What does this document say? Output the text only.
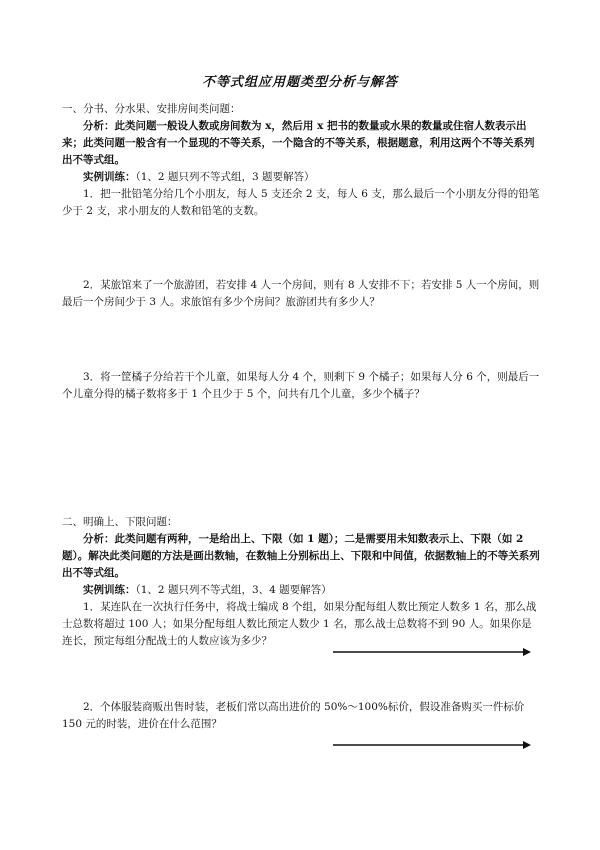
不等式组应用题类型分析与解答
一、分书、分水果、安排房间类问题：
分析：此类问题一般设人数或房间数为 x，然后用 x 把书的数量或水果的数量或住宿人数表示出来；此类问题一般含有一个显现的不等关系，一个隐含的不等关系，根据题意，利用这两个不等关系列出不等式组。
实例训练：（1、2 题只列不等式组，3 题要解答）
1．把一批铅笔分给几个小朋友，每人 5 支还余 2 支，每人 6 支，那么最后一个小朋友分得的铅笔少于 2 支，求小朋友的人数和铅笔的支数。
2．某旅馆来了一个旅游团，若安排 4 人一个房间，则有 8 人安排不下；若安排 5 人一个房间，则最后一个房间少于 3 人。求旅馆有多少个房间？旅游团共有多少人？
3．将一筐橘子分给若干个儿童，如果每人分 4 个，则剩下 9 个橘子；如果每人分 6 个，则最后一个儿童分得的橘子数将多于 1 个且少于 5 个，问共有几个儿童，多少个橘子？
二、明确上、下限问题：
分析：此类问题有两种，一是给出上、下限（如 1 题）；二是需要用未知数表示上、下限（如 2 题）。解决此类问题的方法是画出数轴，在数轴上分别标出上、下限和中间值，依据数轴上的不等关系列出不等式组。
实例训练：（1、2 题只列不等式组，3、4 题要解答）
1．某连队在一次执行任务中，将战士编成 8 个组，如果分配每组人数比预定人数多 1 名，那么战士总数将超过 100 人；如果分配每组人数比预定人数少 1 名，那么战士总数将不到 90 人。如果你是连长，预定每组分配战士的人数应该为多少？
2．个体服装商贩出售时装，老板们常以高出进价的 50%～100%标价，假设准备购买一件标价 150 元的时装，进价在什么范围？
